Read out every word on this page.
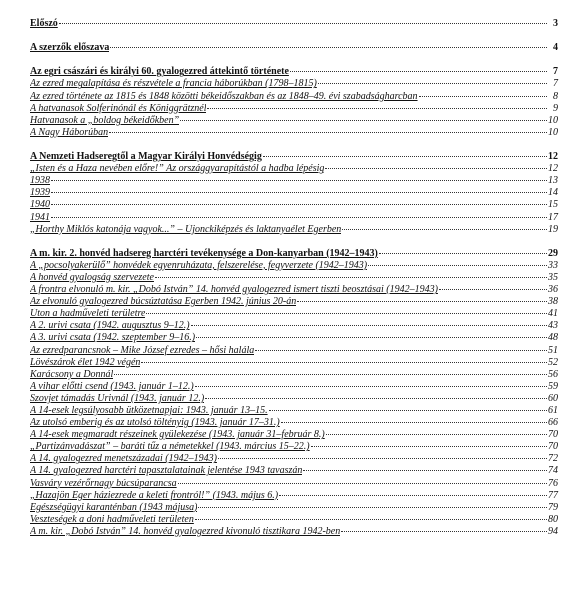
Előszó	3
A szerzők előszava	4
Az egri császári és királyi 60. gyalogezred áttekintő története	7
Az ezred megalapítása és részvétele a francia háborúkban (1798–1815)	7
Az ezred története az 1815 és 1848 közötti békeidőszakban és az 1848–49. évi szabadságharcban	8
A hatvanasok Solferinónál és Königgrätznél	9
Hatvanasok a „boldog békeidőkben”	10
A Nagy Háborúban	10
A Nemzeti Hadseregtől a Magyar Királyi Honvédségig	12
„Isten és a Haza nevében előre!” Az országgyarapítástól a hadba lépésig	12
1938	13
1939	14
1940	15
1941	17
„Horthy Miklós katonája vagyok...” – Újonckiképzés és laktanyaélet Egerben	19
A m. kir. 2. honvéd hadsereg harctéri tevékenysége a Don-kanyarban (1942–1943)	29
A „pocsolyakerülő” honvédek egyenruházata, felszerelése, fegyverzete (1942–1943)	33
A honvéd gyalogság szervezete	35
A frontra elvonuló m. kir. „Dobó István” 14. honvéd gyalogezred ismert tiszti beosztásai (1942–1943)	36
Az elvonuló gyalogezred búcsúztatása Egerben 1942. június 20-án	38
Úton a hadműveleti területre	41
A 2. urivi csata (1942. augusztus 9–12.)	43
A 3. urivi csata (1942. szeptember 9–16.)	48
Az ezredparancsnok – Mike József ezredes – hősi halála	51
Lövészárok élet 1942 végén	52
Karácsony a Donnál	56
A vihar előtti csend (1943. január 1–12.)	59
Szovjet támadás Urivnál (1943. január 12.)	60
A 14-esek legsúlyosabb ütközetnapjai: 1943. január 13–15.	61
Az utolsó emberig és az utolsó töltényig (1943. január 17–31.)	66
A 14-esek megmaradt részeinek gyülekezése (1943. január 31–február 8.)	70
„Partizánvadászat” – baráti tűz a németekkel (1943. március 15–22.)	70
A 14. gyalogezred menetszázadai (1942–1943)	72
A 14. gyalogezred harctéri tapasztalatainak jelentése 1943 tavaszán	74
Vasváry vezérőrnagy búcsúparancsa	76
„Hazajön Eger háziezrede a keleti frontról!” (1943. május 6.)	77
Egészségügyi karanténban (1943 májusa)	79
Veszteségek a doni hadműveleti területen	80
A m. kir. „Dobó István” 14. honvéd gyalogezred kivonuló tisztikara 1942-ben	94
